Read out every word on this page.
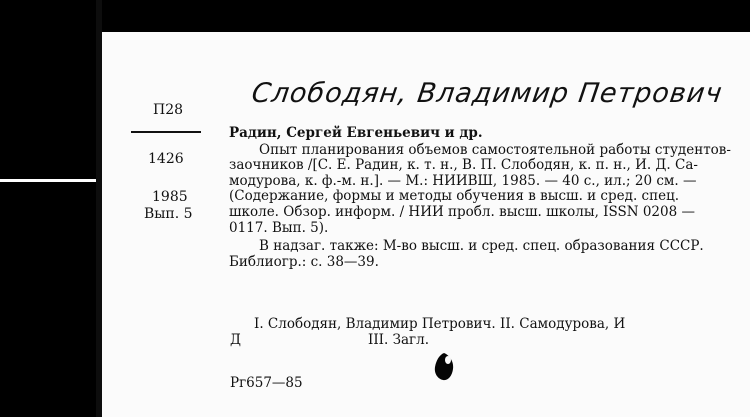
Слободян, Владимир Петрович
П28
1426
1985
Вып. 5

Радин, Сергей Евгеньевич и др.

Опыт планирования объемов самостоятельной работы студентов-

заочников /[С. Е. Радин, к. т. н., В. П. Слободян, к. п. н., И. Д. Са-

модурова, к. ф.-м. н.]. — М.: НИИВШ, 1985. — 40 с., ил.; 20 см. —

(Содержание, формы и методы обучения в высш. и сред. спец.

школе. Обзор. информ. / НИИ пробл. высш. школы, ISSN 0208 —

0117. Вып. 5).

В надзаг. также: М-во высш. и сред. спец. образования СССР.

Библиогр.: с. 38—39.

I. Слободян, Владимир Петрович. II. Самодурова, И
Д	III. Загл.
Рг657—85
